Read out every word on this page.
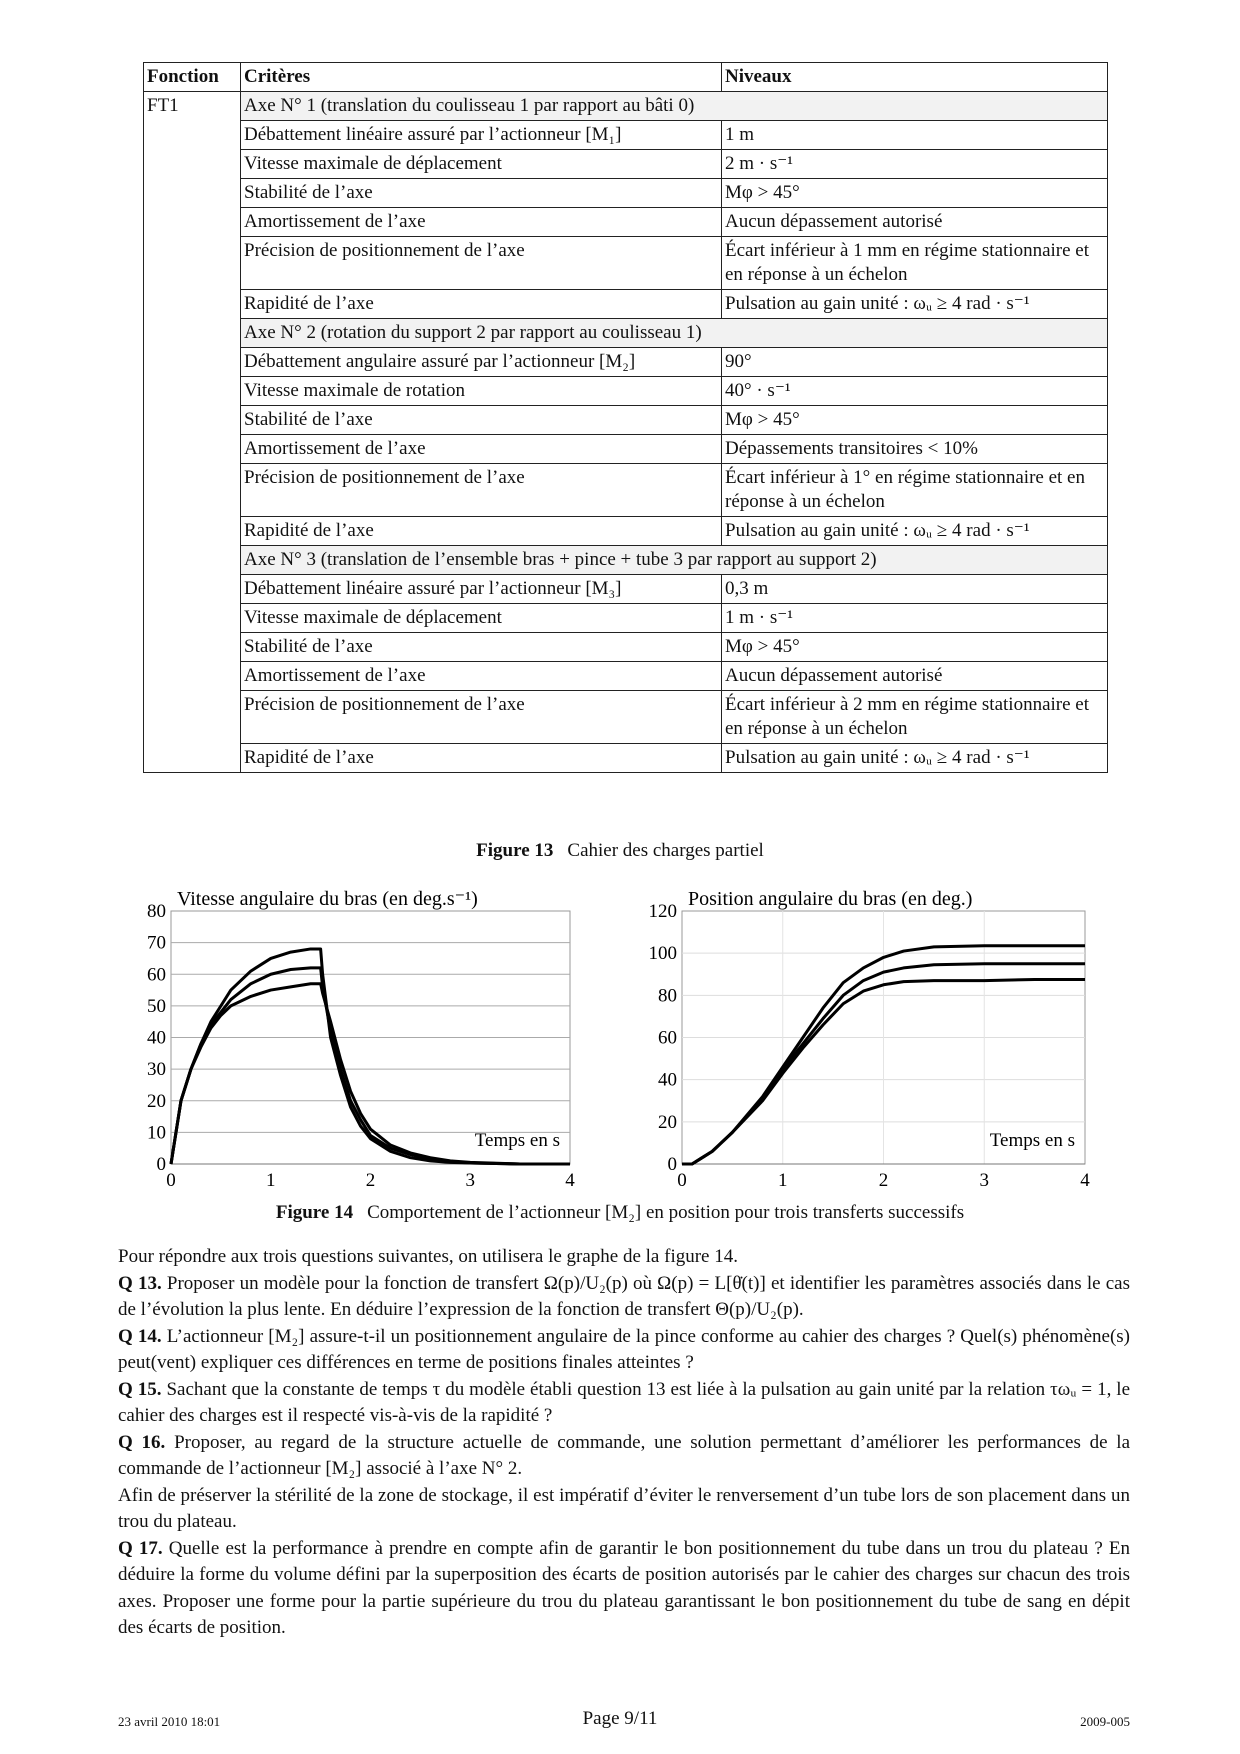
Fonction	Critères	Niveaux
FT1	Axe N° 1 (translation du coulisseau 1 par rapport au bâti 0)	
	Débattement linéaire assuré par l’actionneur [M₁]	1 m
	Vitesse maximale de déplacement	2 m · s⁻¹
	Stabilité de l’axe	Mφ > 45°
	Amortissement de l’axe	Aucun dépassement autorisé
	Précision de positionnement de l’axe	Écart inférieur à 1 mm en régime stationnaire et en réponse à un échelon
	Rapidité de l’axe	Pulsation au gain unité : ωᵤ ≥ 4 rad · s⁻¹
	Axe N° 2 (rotation du support 2 par rapport au coulisseau 1)	
	Débattement angulaire assuré par l’actionneur [M₂]	90°
	Vitesse maximale de rotation	40° · s⁻¹
	Stabilité de l’axe	Mφ > 45°
	Amortissement de l’axe	Dépassements transitoires < 10%
	Précision de positionnement de l’axe	Écart inférieur à 1° en régime stationnaire et en réponse à un échelon
	Rapidité de l’axe	Pulsation au gain unité : ωᵤ ≥ 4 rad · s⁻¹
	Axe N° 3 (translation de l’ensemble bras + pince + tube 3 par rapport au support 2)	
	Débattement linéaire assuré par l’actionneur [M₃]	0,3 m
	Vitesse maximale de déplacement	1 m · s⁻¹
	Stabilité de l’axe	Mφ > 45°
	Amortissement de l’axe	Aucun dépassement autorisé
	Précision de positionnement de l’axe	Écart inférieur à 2 mm en régime stationnaire et en réponse à un échelon
	Rapidité de l’axe	Pulsation au gain unité : ωᵤ ≥ 4 rad · s⁻¹
Figure 13 Cahier des charges partiel
0
10
20
30
40
50
60
70
80
0	1	2	3	4
Vitesse angulaire du bras (en deg.s⁻¹)
Temps en s
0
20
40
60
80
100
120
0	1	2	3	4
Position angulaire du bras (en deg.)
Temps en s
Figure 14 Comportement de l’actionneur [M₂] en position pour trois transferts successifs

Pour répondre aux trois questions suivantes, on utilisera le graphe de la figure 14.

Q 13. Proposer un modèle pour la fonction de transfert Ω(p)/U₂(p) où Ω(p) = L[θ̇(t)] et identifier les paramètres associés dans le cas de l’évolution la plus lente. En déduire l’expression de la fonction de transfert Θ(p)/U₂(p).

Q 14. L’actionneur [M₂] assure-t-il un positionnement angulaire de la pince conforme au cahier des charges ? Quel(s) phénomène(s) peut(vent) expliquer ces différences en terme de positions finales atteintes ?

Q 15. Sachant que la constante de temps τ du modèle établi question 13 est liée à la pulsation au gain unité par la relation τωᵤ = 1, le cahier des charges est il respecté vis-à-vis de la rapidité ?

Q 16. Proposer, au regard de la structure actuelle de commande, une solution permettant d’améliorer les performances de la commande de l’actionneur [M₂] associé à l’axe N° 2.

Afin de préserver la stérilité de la zone de stockage, il est impératif d’éviter le renversement d’un tube lors de son placement dans un trou du plateau.

Q 17. Quelle est la performance à prendre en compte afin de garantir le bon positionnement du tube dans un trou du plateau ? En déduire la forme du volume défini par la superposition des écarts de position autorisés par le cahier des charges sur chacun des trois axes. Proposer une forme pour la partie supérieure du trou du plateau garantissant le bon positionnement du tube de sang en dépit des écarts de position.

23 avril 2010 18:01	Page 9/11	2009-005
